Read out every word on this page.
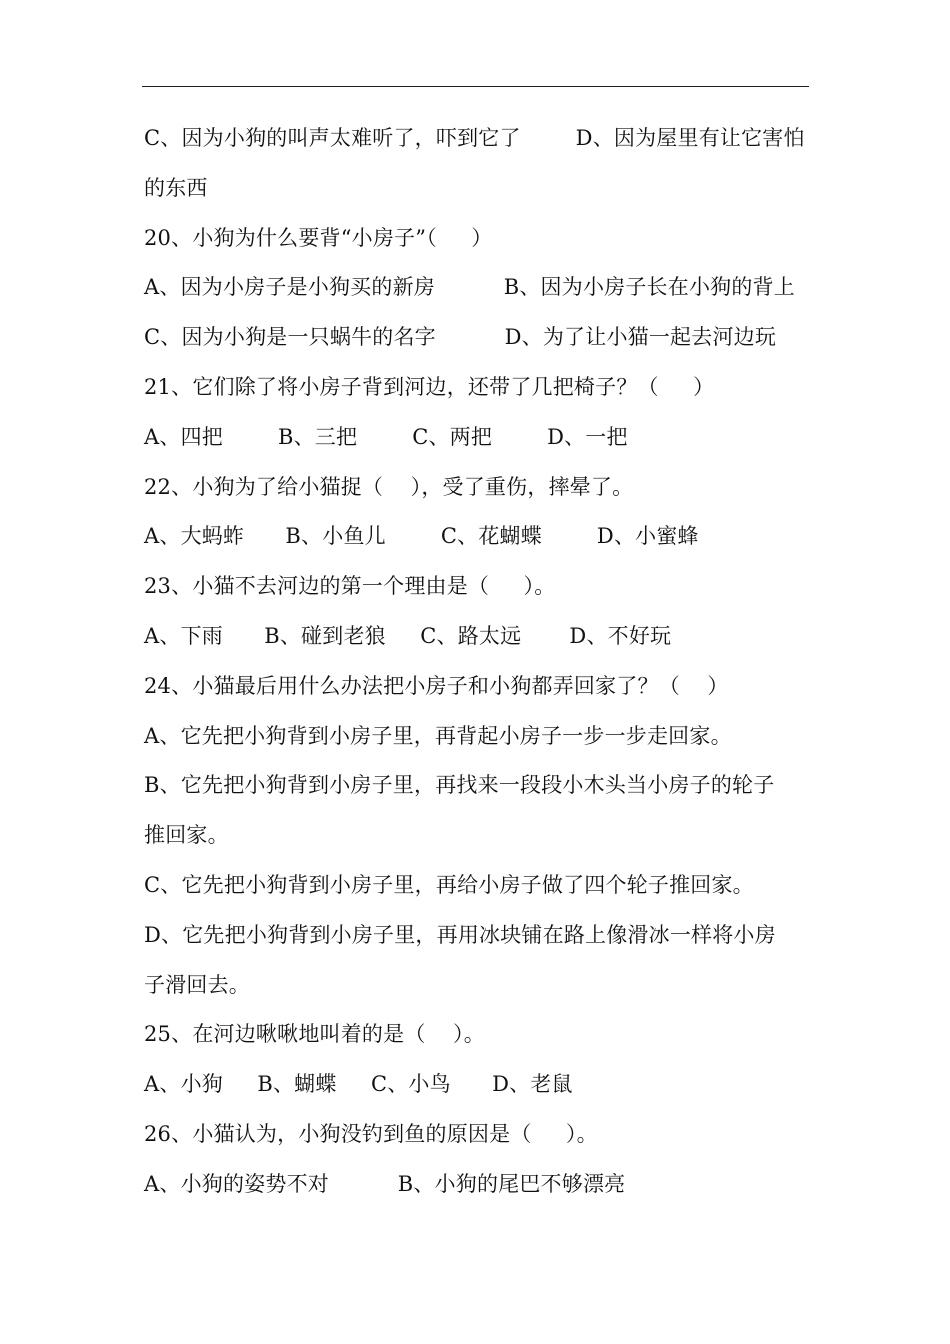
C、因为小狗的叫声太难听了，吓到它了        D、因为屋里有让它害怕
的东西
20、小狗为什么要背“小房子”（     ）
A、因为小房子是小狗买的新房          B、因为小房子长在小狗的背上
C、因为小狗是一只蜗牛的名字          D、为了让小猫一起去河边玩
21、它们除了将小房子背到河边，还带了几把椅子？（     ）
A、四把        B、三把        C、两把        D、一把
22、小狗为了给小猫捉（    ），受了重伤，摔晕了。
A、大蚂蚱      B、小鱼儿        C、花蝴蝶        D、小蜜蜂
23、小猫不去河边的第一个理由是（     ）。
A、下雨      B、碰到老狼     C、路太远       D、不好玩
24、小猫最后用什么办法把小房子和小狗都弄回家了？（    ）
A、它先把小狗背到小房子里，再背起小房子一步一步走回家。
B、它先把小狗背到小房子里，再找来一段段小木头当小房子的轮子
推回家。
C、它先把小狗背到小房子里，再给小房子做了四个轮子推回家。
D、它先把小狗背到小房子里，再用冰块铺在路上像滑冰一样将小房
子滑回去。
25、在河边啾啾地叫着的是（    ）。
A、小狗     B、蝴蝶     C、小鸟      D、老鼠
26、小猫认为，小狗没钓到鱼的原因是（     ）。
A、小狗的姿势不对          B、小狗的尾巴不够漂亮
